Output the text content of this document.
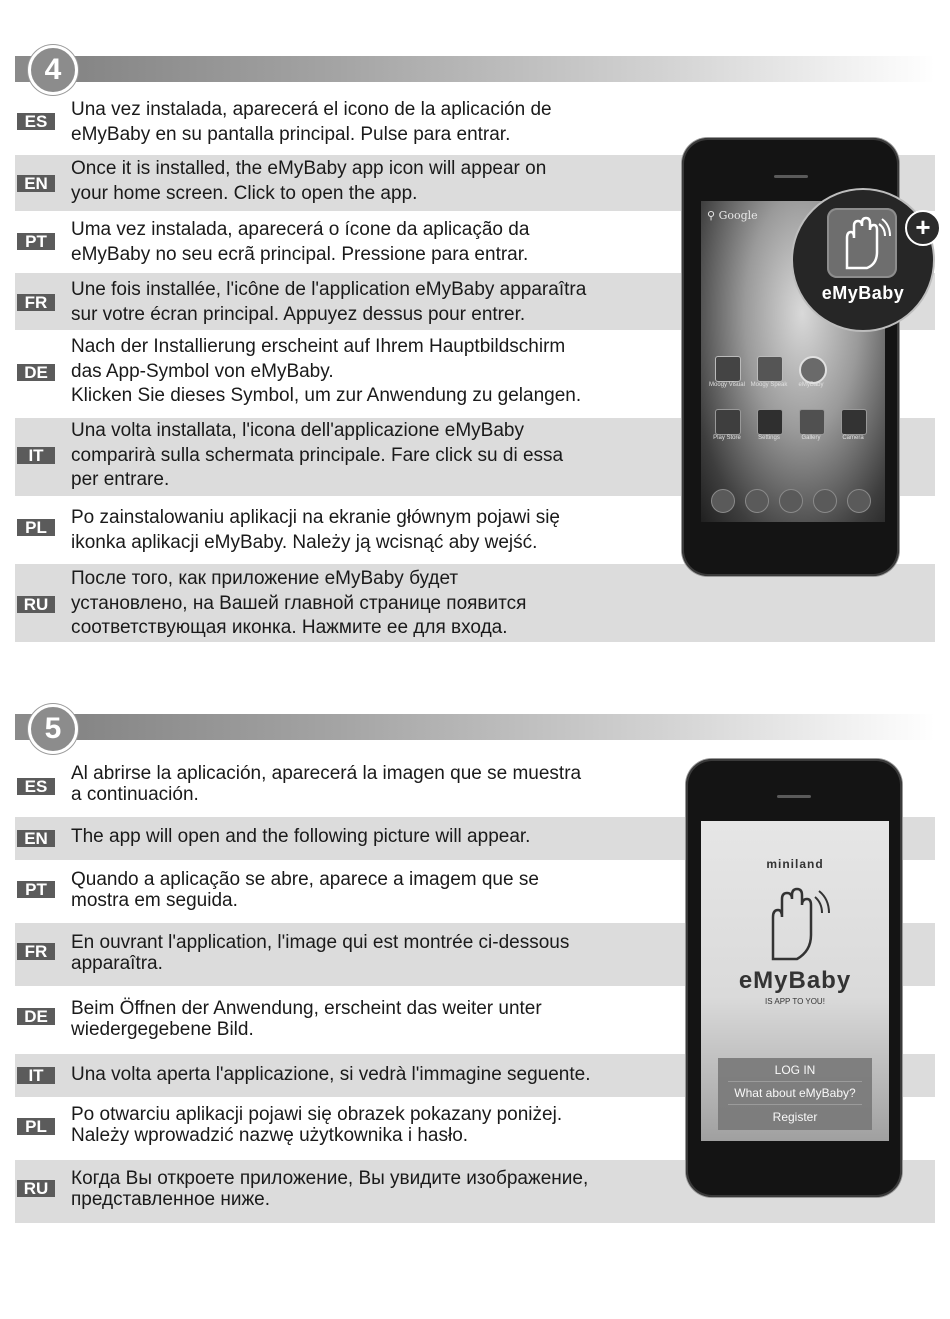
4
ES
Una vez instalada, aparecerá el icono de la aplicación de
eMyBaby en su pantalla principal. Pulse para entrar.
EN
Once it is installed, the eMyBaby app icon will appear on
your home screen. Click to open the app.
PT
Uma vez instalada, aparecerá o ícone da aplicação da
eMyBaby no seu ecrã principal. Pressione para entrar.
FR
Une fois installée, l'icône de l'application eMyBaby apparaîtra
sur votre écran principal. Appuyez dessus pour entrer.
DE
Nach der Installierung erscheint auf Ihrem Hauptbildschirm
das App-Symbol von eMyBaby.
Klicken Sie dieses Symbol, um zur Anwendung zu gelangen.
IT
Una volta installata, l'icona dell'applicazione eMyBaby
comparirà sulla schermata principale. Fare click su di essa
per entrare.
PL	Po zainstalowaniu aplikacji na ekranie głównym pojawi się
ikonka aplikacji eMyBaby. Należy ją wcisnąć aby wejść.
RU
После того, как приложение eMyBaby будет
установлено, на Вашей главной странице появится
соответствующая иконка. Нажмите ее для входа.
⚲ Google
Moogy Visual Moogy Speak	eMyBaby
Play Store	Settings	Gallery	Camera
eMyBaby
+
5
ES
Al abrirse la aplicación, aparecerá la imagen que se muestra
a continuación.
EN	The app will open and the following picture will appear.
PT	Quando a aplicação se abre, aparece a imagem que se
mostra em seguida.
FR	En ouvrant l'application, l'image qui est montrée ci-dessous
apparaîtra.
DE	Beim Öffnen der Anwendung, erscheint das weiter unter
wiedergegebene Bild.
IT	Una volta aperta l'applicazione, si vedrà l'immagine seguente.
PL
Po otwarciu aplikacji pojawi się obrazek pokazany poniżej.
Należy wprowadzić nazwę użytkownika i hasło.
RU	Когда Вы откроете приложение, Вы увидите изображение,
представленное ниже.
miniland
eMyBaby
IS APP TO YOU!
LOG IN
What about eMyBaby?
Register
